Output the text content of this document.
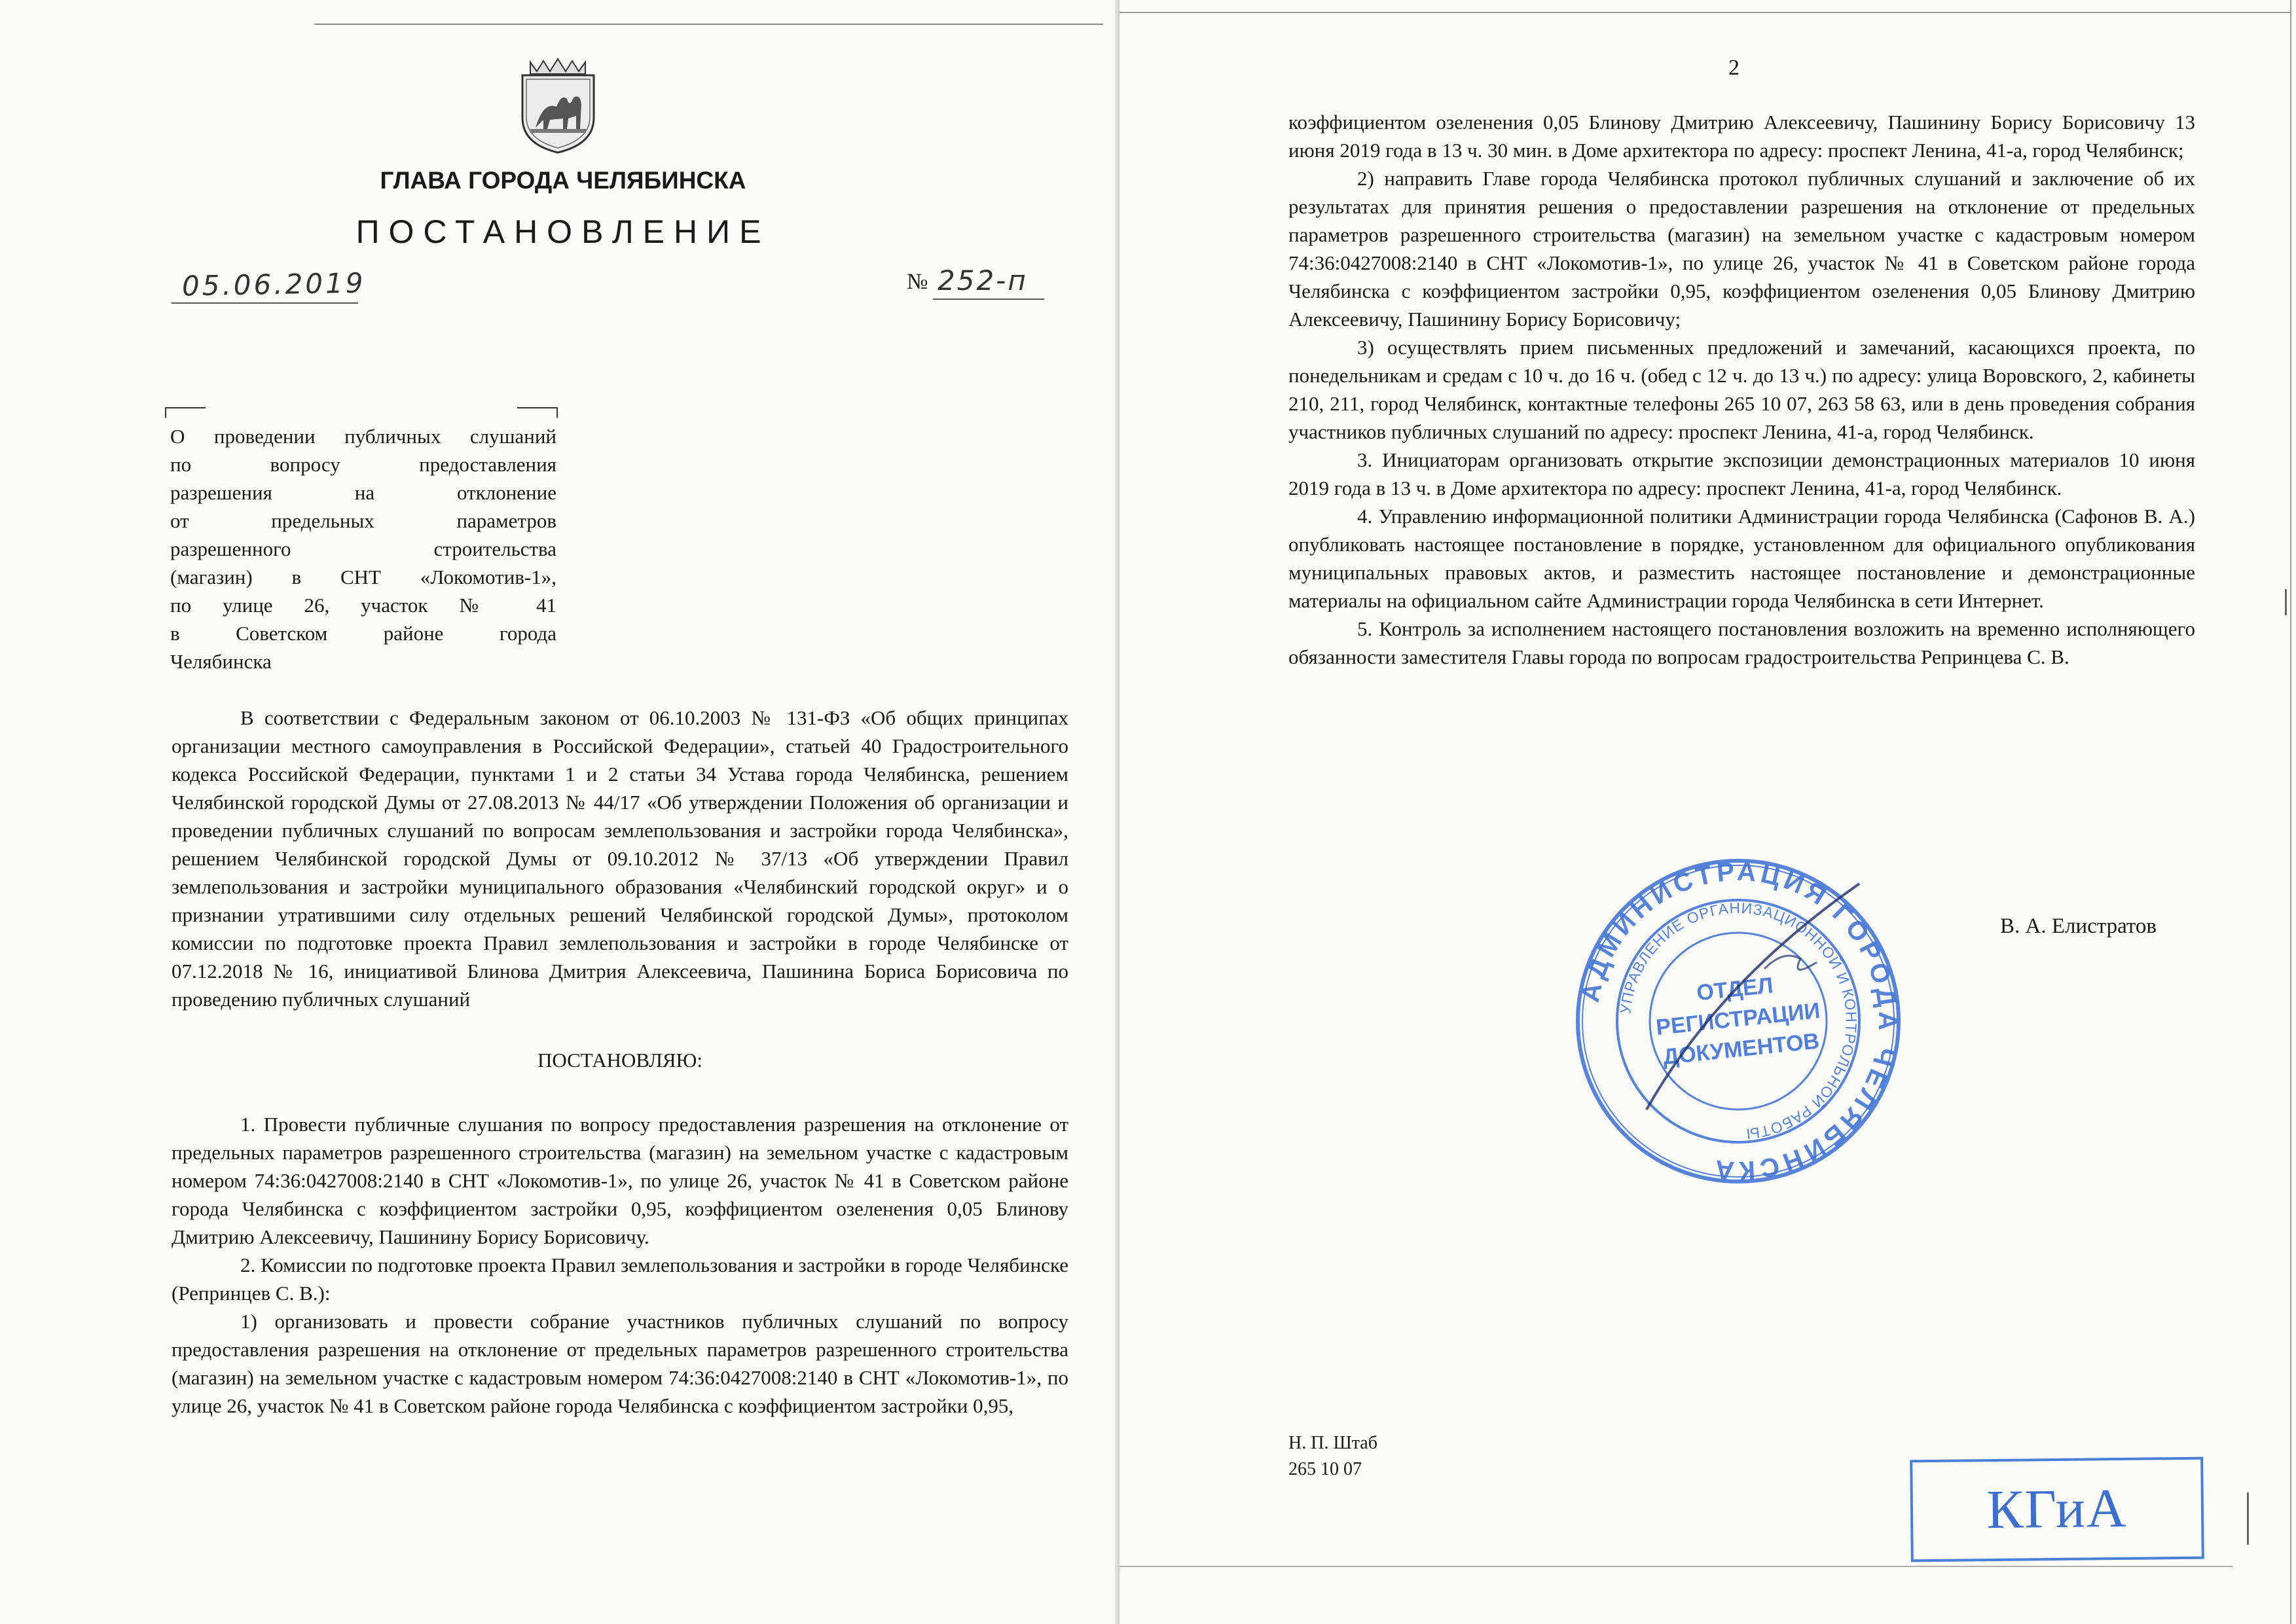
ГЛАВА ГОРОДА ЧЕЛЯБИНСКА
ПОСТАНОВЛЕНИЕ
05.06.2019	№ 252-п
О проведении публичных слушаний
по вопросу предоставления
разрешения на отклонение
от предельных параметров
разрешенного строительства
(магазин) в СНТ «Локомотив-1»,
по улице 26, участок № 41
в Советском районе города
Челябинска

В соответствии с Федеральным законом от 06.10.2003 № 131-ФЗ «Об общих принципах организации местного самоуправления в Российской Федерации», статьей 40 Градостроительного кодекса Российской Федерации, пунктами 1 и 2 статьи 34 Устава города Челябинска, решением Челябинской городской Думы от 27.08.2013 № 44/17 «Об утверждении Положения об организации и проведении публичных слушаний по вопросам землепользования и застройки города Челябинска», решением Челябинской городской Думы от 09.10.2012 № 37/13 «Об утверждении Правил землепользования и застройки муниципального образования «Челябинский городской округ» и о признании утратившими силу отдельных решений Челябинской городской Думы», протоколом комиссии по подготовке проекта Правил землепользования и застройки в городе Челябинске от 07.12.2018 № 16, инициативой Блинова Дмитрия Алексеевича, Пашинина Бориса Борисовича по проведению публичных слушаний

ПОСТАНОВЛЯЮ:

1. Провести публичные слушания по вопросу предоставления разрешения на отклонение от предельных параметров разрешенного строительства (магазин) на земельном участке с кадастровым номером 74:36:0427008:2140 в СНТ «Локомотив-1», по улице 26, участок № 41 в Советском районе города Челябинска с коэффициентом застройки 0,95, коэффициентом озеленения 0,05 Блинову Дмитрию Алексеевичу, Пашинину Борису Борисовичу.

2. Комиссии по подготовке проекта Правил землепользования и застройки в городе Челябинске (Репринцев С. В.):

1) организовать и провести собрание участников публичных слушаний по вопросу предоставления разрешения на отклонение от предельных параметров разрешенного строительства (магазин) на земельном участке с кадастровым номером 74:36:0427008:2140 в СНТ «Локомотив-1», по улице 26, участок № 41 в Советском районе города Челябинска с коэффициентом застройки 0,95,

2

коэффициентом озеленения 0,05 Блинову Дмитрию Алексеевичу, Пашинину Борису Борисовичу 13 июня 2019 года в 13 ч. 30 мин. в Доме архитектора по адресу: проспект Ленина, 41-а, город Челябинск;

2) направить Главе города Челябинска протокол публичных слушаний и заключение об их результатах для принятия решения о предоставлении разрешения на отклонение от предельных параметров разрешенного строительства (магазин) на земельном участке с кадастровым номером 74:36:0427008:2140 в СНТ «Локомотив-1», по улице 26, участок № 41 в Советском районе города Челябинска с коэффициентом застройки 0,95, коэффициентом озеленения 0,05 Блинову Дмитрию Алексеевичу, Пашинину Борису Борисовичу;

3) осуществлять прием письменных предложений и замечаний, касающихся проекта, по понедельникам и средам с 10 ч. до 16 ч. (обед с 12 ч. до 13 ч.) по адресу: улица Воровского, 2, кабинеты 210, 211, город Челябинск, контактные телефоны 265 10 07, 263 58 63, или в день проведения собрания участников публичных слушаний по адресу: проспект Ленина, 41-а, город Челябинск.

3. Инициаторам организовать открытие экспозиции демонстрационных материалов 10 июня 2019 года в 13 ч. в Доме архитектора по адресу: проспект Ленина, 41-а, город Челябинск.

4. Управлению информационной политики Администрации города Челябинска (Сафонов В. А.) опубликовать настоящее постановление в порядке, установленном для официального опубликования муниципальных правовых актов, и разместить настоящее постановление и демонстрационные материалы на официальном сайте Администрации города Челябинска в сети Интернет.

5. Контроль за исполнением настоящего постановления возложить на временно исполняющего обязанности заместителя Главы города по вопросам градостроительства Репринцева С. В.

АДМИНИСТРАЦИЯ ГОРОДА ЧЕЛЯБИНСКА
УПРАВЛЕНИЕ ОРГАНИЗАЦИОННОЙ И КОНТРОЛЬНОЙ РАБОТЫ
ОТДЕЛ
РЕГИСТРАЦИИ
ДОКУМЕНТОВ
В. А. Елистратов
Н. П. Штаб
265 10 07
КГиА
